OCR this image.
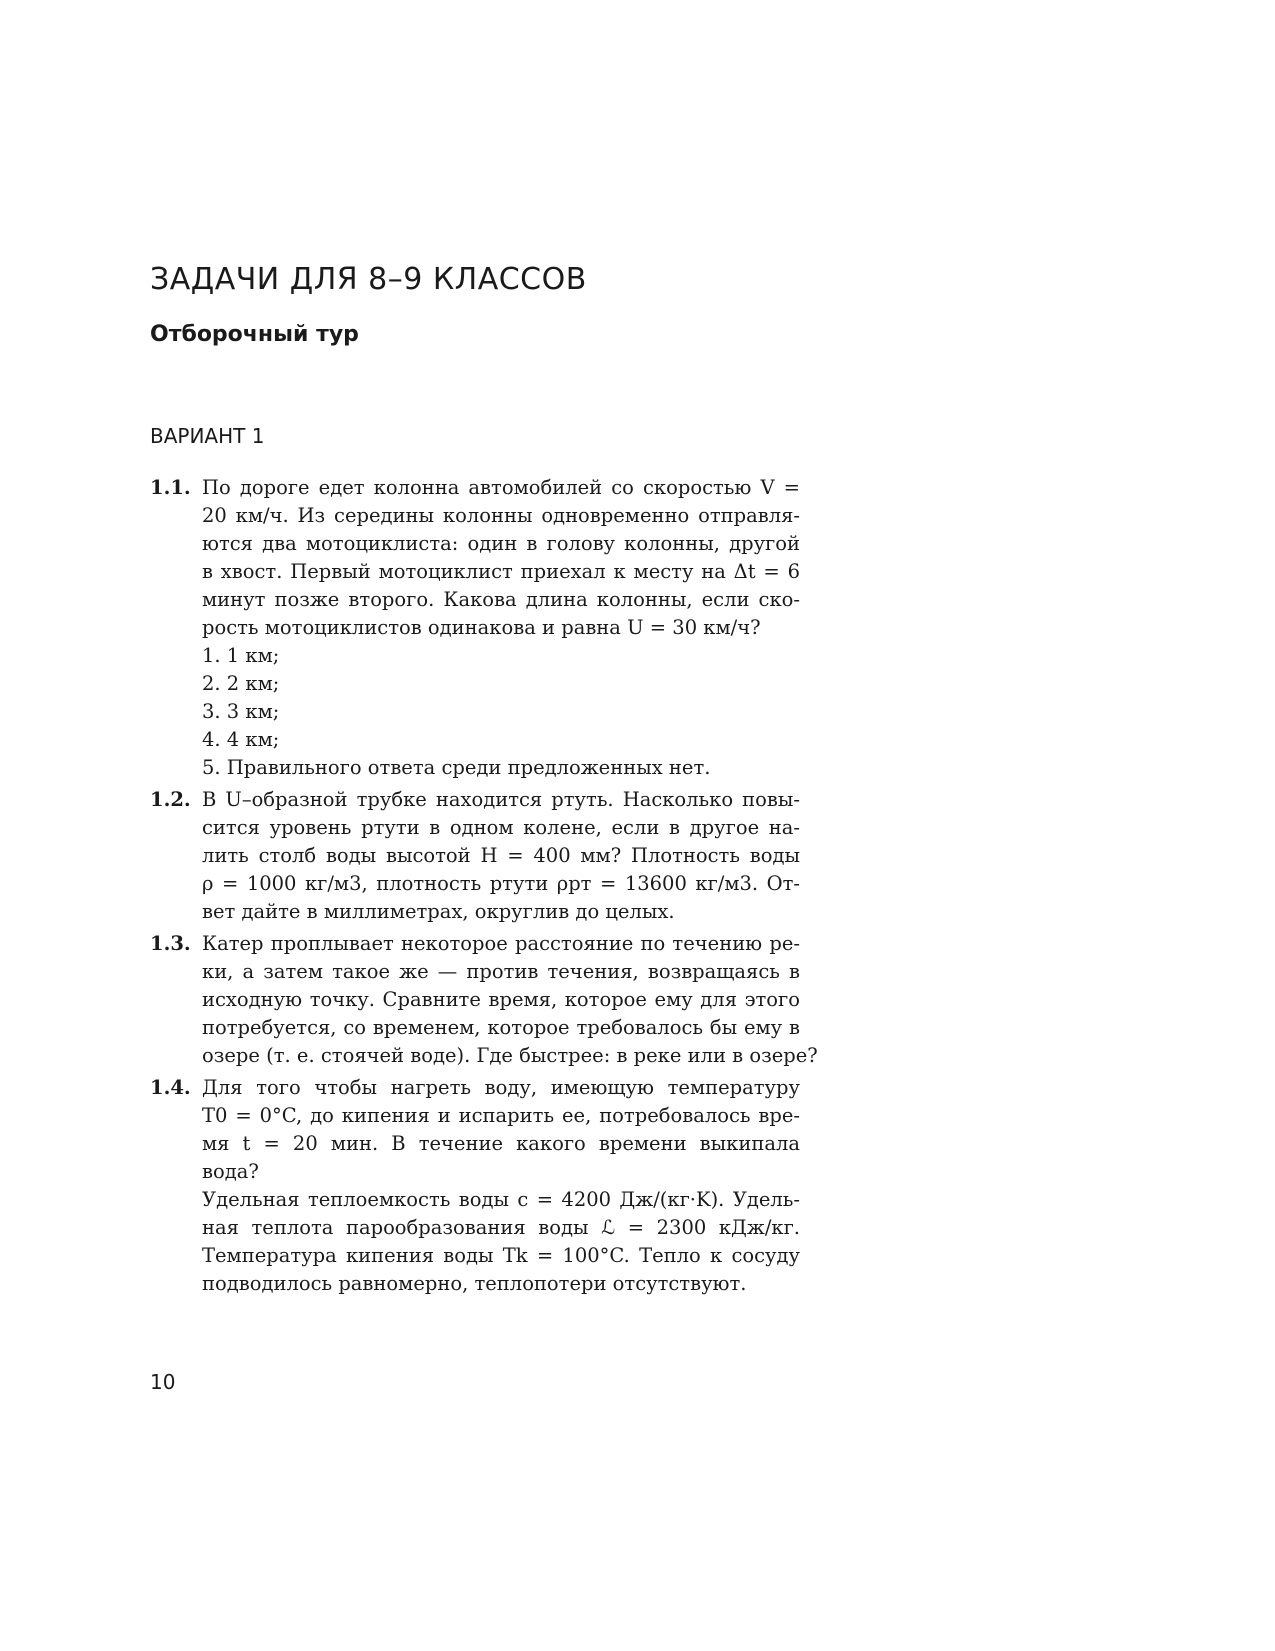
ЗАДАЧИ ДЛЯ 8–9 КЛАССОВ
Отборочный тур
ВАРИАНТ 1
1.1. По дороге едет колонна автомобилей со скоростью V =
20 км/ч. Из середины колонны одновременно отправля-
ются два мотоциклиста: один в голову колонны, другой
в хвост. Первый мотоциклист приехал к месту на Δt = 6
минут позже второго. Какова длина колонны, если ско-
рость мотоциклистов одинакова и равна U = 30 км/ч?
1. 1 км;
2. 2 км;
3. 3 км;
4. 4 км;
5. Правильного ответа среди предложенных нет.
1.2. В U–образной трубке находится ртуть. Насколько повы-
сится уровень ртути в одном колене, если в другое на-
лить столб воды высотой H = 400 мм? Плотность воды
ρ = 1000 кг/м3, плотность ртути ρрт = 13600 кг/м3. От-
вет дайте в миллиметрах, округлив до целых.
1.3. Катер проплывает некоторое расстояние по течению ре-
ки, а затем такое же — против течения, возвращаясь в
исходную точку. Сравните время, которое ему для этого
потребуется, со временем, которое требовалось бы ему в
озере (т. е. стоячей воде). Где быстрее: в реке или в озере?
1.4. Для того чтобы нагреть воду, имеющую температуру
T0 = 0°C, до кипения и испарить ее, потребовалось вре-
мя t = 20 мин. В течение какого времени выкипала вода?
Удельная теплоемкость воды c = 4200 Дж/(кг·K). Удель-
ная теплота парообразования воды ℒ = 2300 кДж/кг.
Температура кипения воды Tk = 100°C. Тепло к сосуду
подводилось равномерно, теплопотери отсутствуют.
10
